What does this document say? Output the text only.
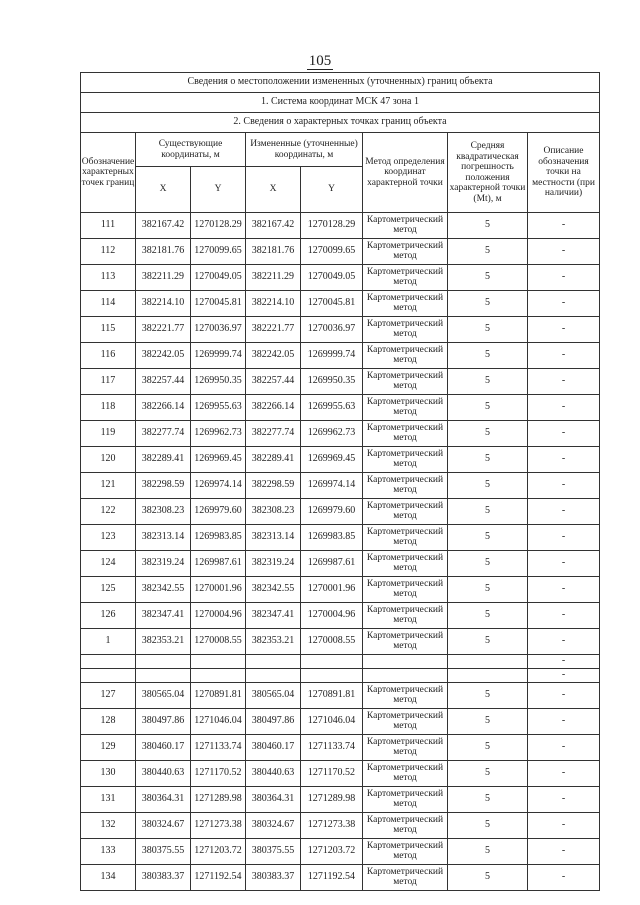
105
Сведения о местоположении измененных (уточненных) границ объекта							
1. Система координат МСК 47 зона 1							
2. Сведения о характерных точках границ объекта							
Обозначение характерных точек границ	Существующие координаты, м		Измененные (уточненные) координаты, м		Метод определения координат характерной точки	Средняя квадратическая погрешность положения характерной точки (Mt), м	Описание обозначения точки на местности (при наличии)
	X	Y	X	Y			
111	382167.42	1270128.29	382167.42	1270128.29	Картометрический метод	5	-
112	382181.76	1270099.65	382181.76	1270099.65	Картометрический метод	5	-
113	382211.29	1270049.05	382211.29	1270049.05	Картометрический метод	5	-
114	382214.10	1270045.81	382214.10	1270045.81	Картометрический метод	5	-
115	382221.77	1270036.97	382221.77	1270036.97	Картометрический метод	5	-
116	382242.05	1269999.74	382242.05	1269999.74	Картометрический метод	5	-
117	382257.44	1269950.35	382257.44	1269950.35	Картометрический метод	5	-
118	382266.14	1269955.63	382266.14	1269955.63	Картометрический метод	5	-
119	382277.74	1269962.73	382277.74	1269962.73	Картометрический метод	5	-
120	382289.41	1269969.45	382289.41	1269969.45	Картометрический метод	5	-
121	382298.59	1269974.14	382298.59	1269974.14	Картометрический метод	5	-
122	382308.23	1269979.60	382308.23	1269979.60	Картометрический метод	5	-
123	382313.14	1269983.85	382313.14	1269983.85	Картометрический метод	5	-
124	382319.24	1269987.61	382319.24	1269987.61	Картометрический метод	5	-
125	382342.55	1270001.96	382342.55	1270001.96	Картометрический метод	5	-
126	382347.41	1270004.96	382347.41	1270004.96	Картометрический метод	5	-
1	382353.21	1270008.55	382353.21	1270008.55	Картометрический метод	5	-
							-
							-
127	380565.04	1270891.81	380565.04	1270891.81	Картометрический метод	5	-
128	380497.86	1271046.04	380497.86	1271046.04	Картометрический метод	5	-
129	380460.17	1271133.74	380460.17	1271133.74	Картометрический метод	5	-
130	380440.63	1271170.52	380440.63	1271170.52	Картометрический метод	5	-
131	380364.31	1271289.98	380364.31	1271289.98	Картометрический метод	5	-
132	380324.67	1271273.38	380324.67	1271273.38	Картометрический метод	5	-
133	380375.55	1271203.72	380375.55	1271203.72	Картометрический метод	5	-
134	380383.37	1271192.54	380383.37	1271192.54	Картометрический метод	5	-
